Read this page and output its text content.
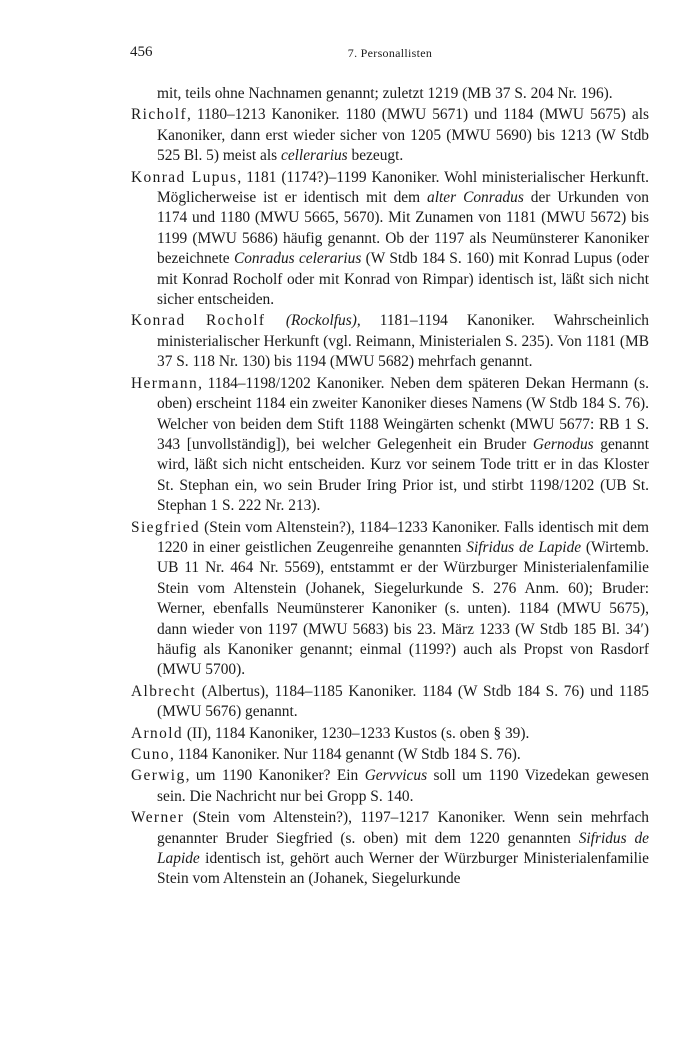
456	7. Personallisten

mit, teils ohne Nachnamen genannt; zuletzt 1219 (MB 37 S. 204 Nr. 196).

Richolf, 1180–1213 Kanoniker. 1180 (MWU 5671) und 1184 (MWU 5675) als Kanoniker, dann erst wieder sicher von 1205 (MWU 5690) bis 1213 (W Stdb 525 Bl. 5) meist als cellerarius bezeugt.

Konrad Lupus, 1181 (1174?)–1199 Kanoniker. Wohl ministerialischer Herkunft. Möglicherweise ist er identisch mit dem alter Conradus der Urkunden von 1174 und 1180 (MWU 5665, 5670). Mit Zunamen von 1181 (MWU 5672) bis 1199 (MWU 5686) häufig genannt. Ob der 1197 als Neumünsterer Kanoniker bezeichnete Conradus celerarius (W Stdb 184 S. 160) mit Konrad Lupus (oder mit Konrad Rocholf oder mit Konrad von Rimpar) identisch ist, läßt sich nicht sicher entscheiden.

Konrad Rocholf (Rockolfus), 1181–1194 Kanoniker. Wahrscheinlich ministerialischer Herkunft (vgl. Reimann, Ministerialen S. 235). Von 1181 (MB 37 S. 118 Nr. 130) bis 1194 (MWU 5682) mehrfach genannt.

Hermann, 1184–1198/1202 Kanoniker. Neben dem späteren Dekan Hermann (s. oben) erscheint 1184 ein zweiter Kanoniker dieses Namens (W Stdb 184 S. 76). Welcher von beiden dem Stift 1188 Weingärten schenkt (MWU 5677: RB 1 S. 343 [unvollständig]), bei welcher Gelegenheit ein Bruder Gernodus genannt wird, läßt sich nicht entscheiden. Kurz vor seinem Tode tritt er in das Kloster St. Stephan ein, wo sein Bruder Iring Prior ist, und stirbt 1198/1202 (UB St. Stephan 1 S. 222 Nr. 213).

Siegfried (Stein vom Altenstein?), 1184–1233 Kanoniker. Falls identisch mit dem 1220 in einer geistlichen Zeugenreihe genannten Sifridus de Lapide (Wirtemb. UB 11 Nr. 464 Nr. 5569), entstammt er der Würzburger Ministerialenfamilie Stein vom Altenstein (Johanek, Siegelurkunde S. 276 Anm. 60); Bruder: Werner, ebenfalls Neumünsterer Kanoniker (s. unten). 1184 (MWU 5675), dann wieder von 1197 (MWU 5683) bis 23. März 1233 (W Stdb 185 Bl. 34′) häufig als Kanoniker genannt; einmal (1199?) auch als Propst von Rasdorf (MWU 5700).

Albrecht (Albertus), 1184–1185 Kanoniker. 1184 (W Stdb 184 S. 76) und 1185 (MWU 5676) genannt.

Arnold (II), 1184 Kanoniker, 1230–1233 Kustos (s. oben § 39).

Cuno, 1184 Kanoniker. Nur 1184 genannt (W Stdb 184 S. 76).

Gerwig, um 1190 Kanoniker? Ein Gervvicus soll um 1190 Vizedekan gewesen sein. Die Nachricht nur bei Gropp S. 140.

Werner (Stein vom Altenstein?), 1197–1217 Kanoniker. Wenn sein mehrfach genannter Bruder Siegfried (s. oben) mit dem 1220 genannten Sifridus de Lapide identisch ist, gehört auch Werner der Würzburger Ministerialenfamilie Stein vom Altenstein an (Johanek, Siegelurkunde
